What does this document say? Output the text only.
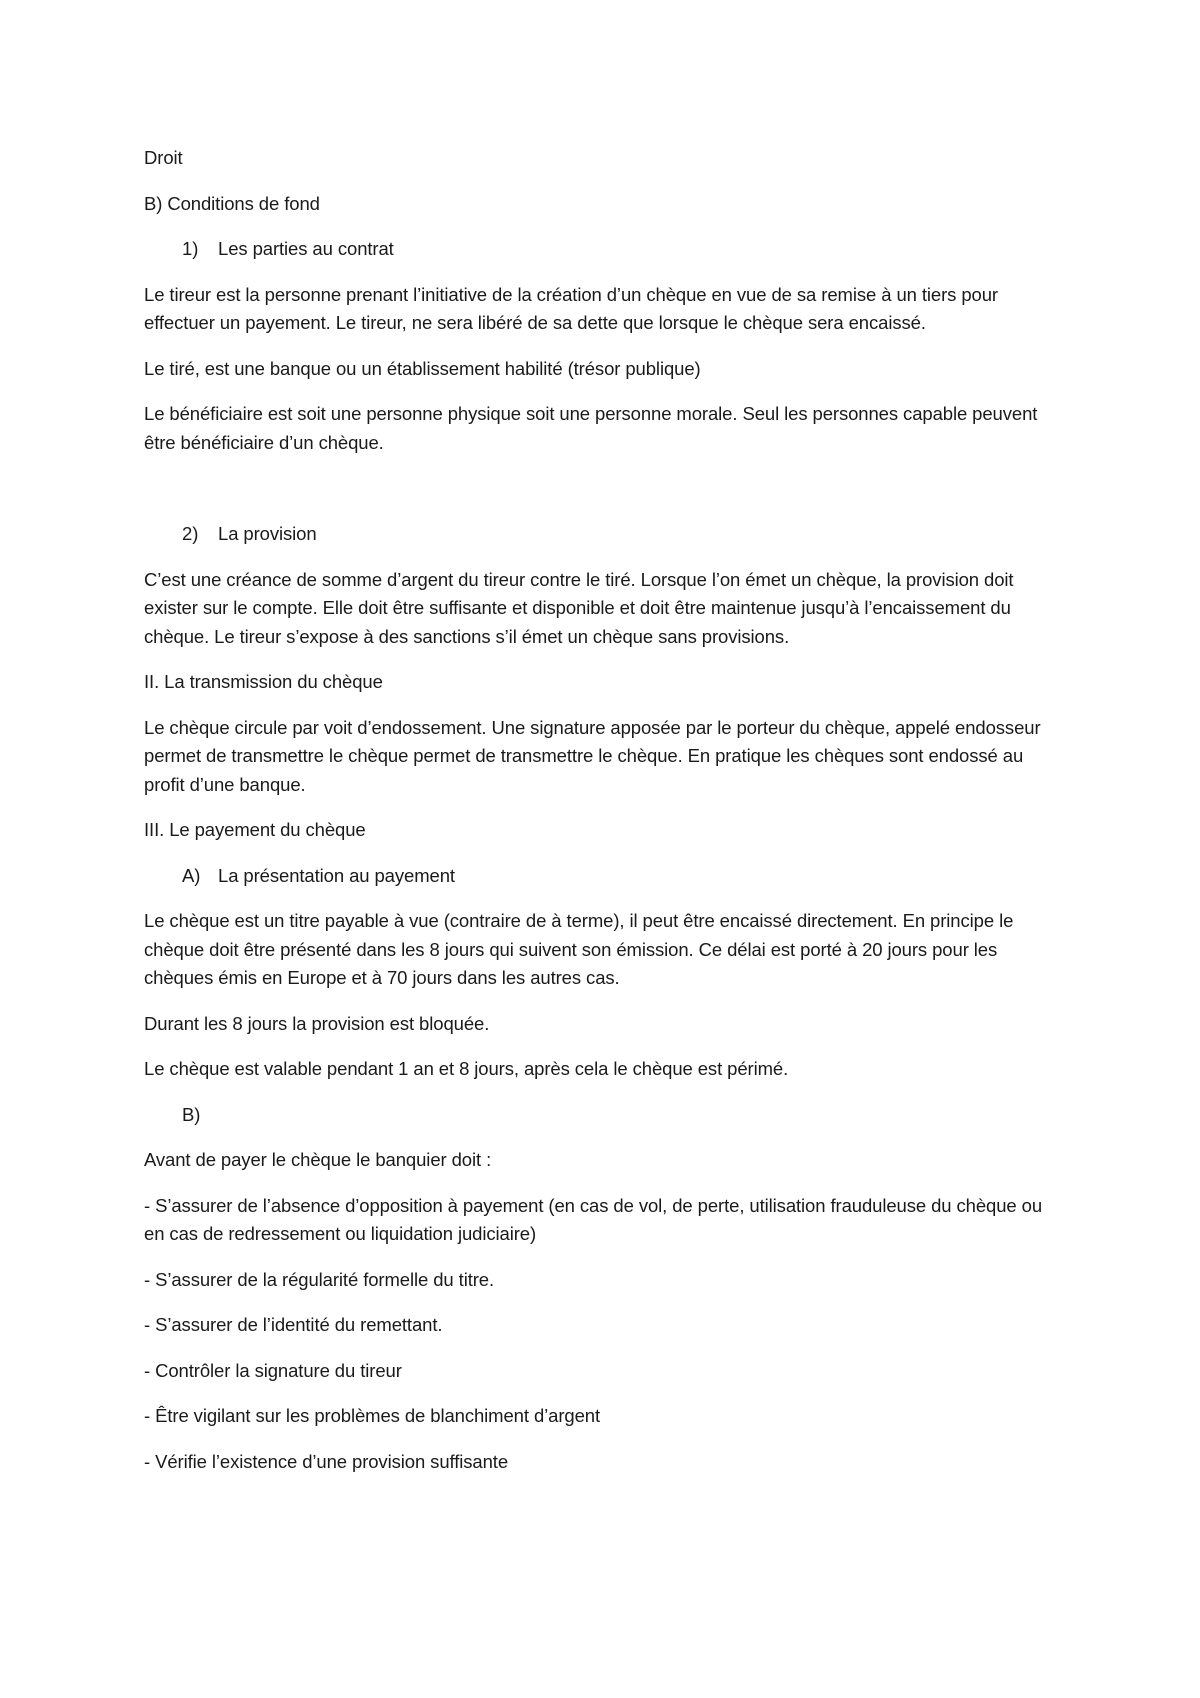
Droit

B) Conditions de fond

1)	Les parties au contrat

Le tireur est la personne prenant l’initiative de la création d’un chèque en vue de sa remise à un tiers pour effectuer un payement. Le tireur, ne sera libéré de sa dette que lorsque le chèque sera encaissé.

Le tiré, est une banque ou un établissement habilité (trésor publique)

Le bénéficiaire est soit une personne physique soit une personne morale. Seul les personnes capable peuvent être bénéficiaire d’un chèque.

2)	La provision

C’est une créance de somme d’argent du tireur contre le tiré. Lorsque l’on émet un chèque, la provision doit exister sur le compte. Elle doit être suffisante et disponible et doit être maintenue jusqu’à l’encaissement du chèque. Le tireur s’expose à des sanctions s’il émet un chèque sans provisions.

II. La transmission du chèque

Le chèque circule par voit d’endossement. Une signature apposée par le porteur du chèque, appelé endosseur permet de transmettre le chèque permet de transmettre le chèque. En pratique les chèques sont endossé au profit d’une banque.

III. Le payement du chèque

A) La présentation au payement

Le chèque est un titre payable à vue (contraire de à terme), il peut être encaissé directement. En principe le chèque doit être présenté dans les 8 jours qui suivent son émission. Ce délai est porté à 20 jours pour les chèques émis en Europe et à 70 jours dans les autres cas.

Durant les 8 jours la provision est bloquée.

Le chèque est valable pendant 1 an et 8 jours, après cela le chèque est périmé.

B)

Avant de payer le chèque le banquier doit :

- S’assurer de l’absence d’opposition à payement (en cas de vol, de perte, utilisation frauduleuse du chèque ou en cas de redressement ou liquidation judiciaire)

- S’assurer de la régularité formelle du titre.

- S’assurer de l’identité du remettant.

- Contrôler la signature du tireur

- Être vigilant sur les problèmes de blanchiment d’argent

- Vérifie l’existence d’une provision suffisante
